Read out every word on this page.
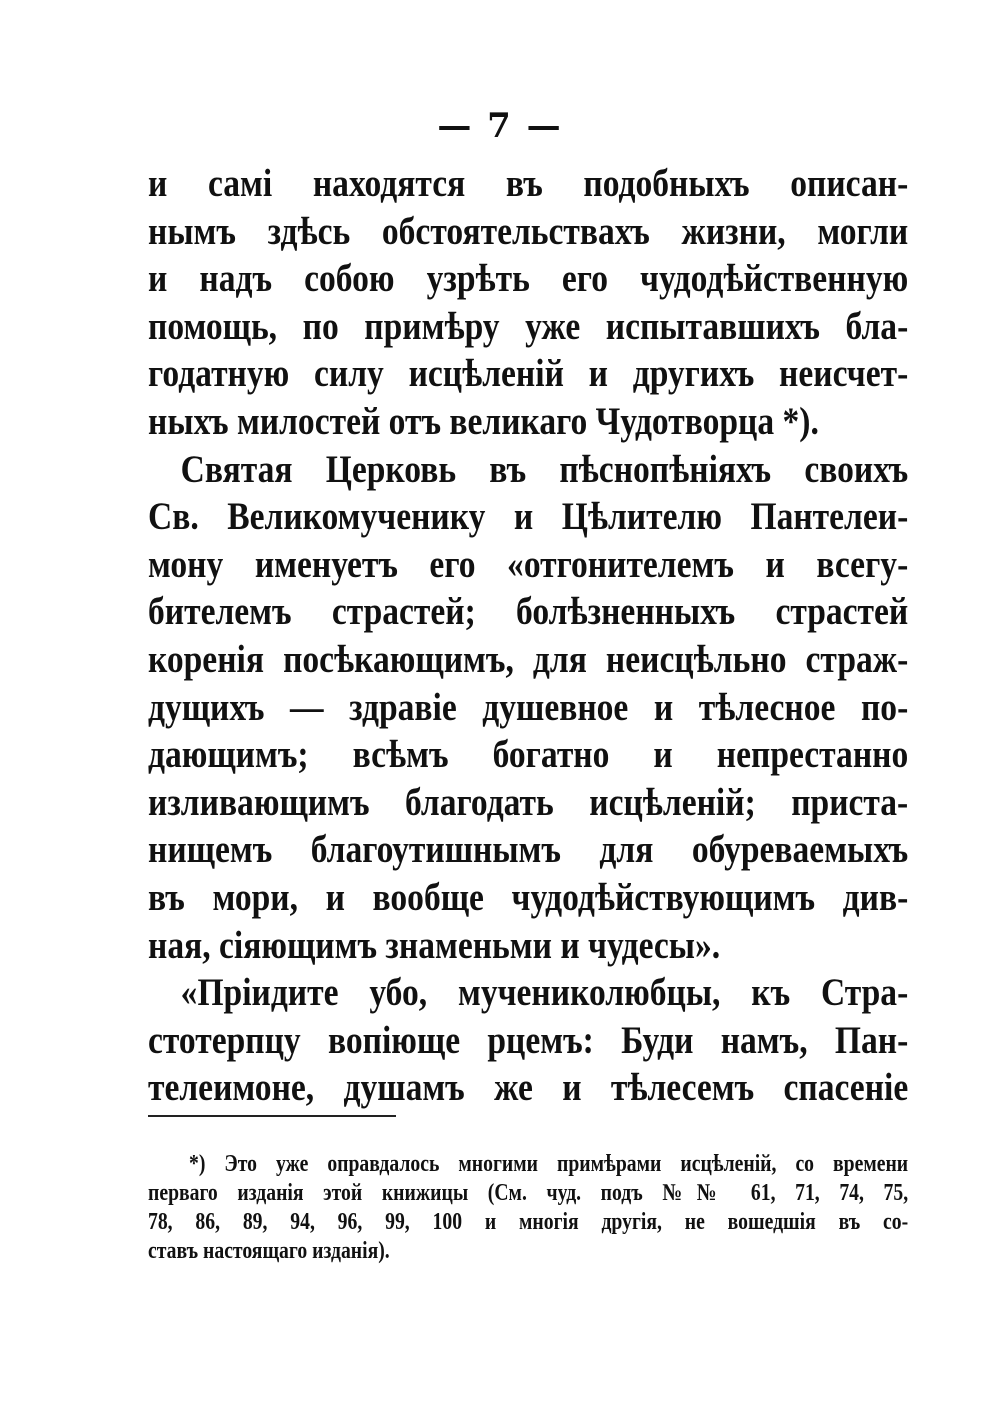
— 7 —
и самі находятся въ подобныхъ описан-
нымъ здѣсь обстоятельствахъ жизни, могли
и надъ собою узрѣть его чудодѣйственную
помощь, по примѣру уже испытавшихъ бла-
годатную силу исцѣленій и другихъ неисчет-
ныхъ милостей отъ великаго Чудотворца *).
Святая Церковь въ пѣснопѣніяхъ своихъ
Св. Великомученику и Цѣлителю Пантелеи-
мону именуетъ его «отгонителемъ и всегу-
бителемъ страстей; болѣзненныхъ страстей
коренія посѣкающимъ, для неисцѣльно страж-
дущихъ — здравіе душевное и тѣлесное по-
дающимъ; всѣмъ богатно и непрестанно
изливающимъ благодать исцѣленій; приста-
нищемъ благоутишнымъ для обуреваемыхъ
въ мори, и вообще чудодѣйствующимъ див-
ная, сіяющимъ знаменьми и чудесы».
«Пріидите убо, мучениколюбцы, къ Стра-
стотерпцу вопіюще рцемъ: Буди намъ, Пан-
телеимоне, душамъ же и тѣлесемъ спасеніе
*) Это уже оправдалось многими примѣрами исцѣленій, со времени
перваго изданія этой книжицы (См. чуд. подъ №№ 61, 71, 74, 75,
78, 86, 89, 94, 96, 99, 100 и многія другія, не вошедшія въ со-
ставъ настоящаго изданія).
